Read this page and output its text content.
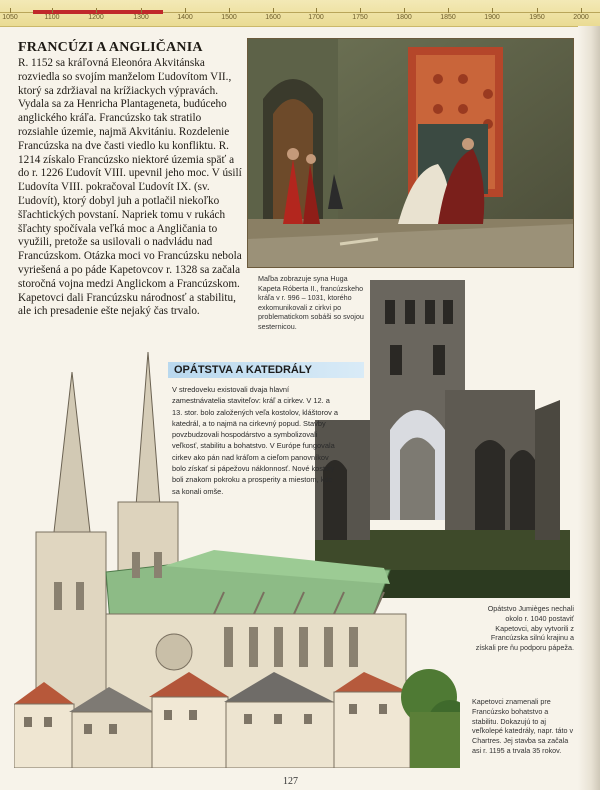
1050	1100	1200	1300	1400	1500	1600	1700	1750	1800	1850	1900	1950	2000
FRANCÚZI A ANGLIČANIA
R. 1152 sa kráľovná Eleonóra Akvitánska rozviedla so svojím manželom Ľudovítom VII., ktorý sa zdržiaval na krížiackych výpravách. Vydala sa za Henricha Plantageneta, budúceho anglického kráľa. Francúzsko tak stratilo rozsiahle územie, najmä Akvitániu. Rozdelenie Francúzska na dve časti viedlo ku konfliktu. R. 1214 získalo Francúzsko niektoré územia späť a do r. 1226 Ľudovít VIII. upevnil jeho moc. V úsilí Ľudovíta VIII. pokračoval Ľudovít IX. (sv. Ľudovít), ktorý dobyl juh a potlačil niekoľko šľachtických povstaní. Napriek tomu v rukách šľachty spočívala veľká moc a Angličania to využili, pretože sa usilovali o nadvládu nad Francúzskom. Otázka moci vo Francúzsku nebola vyriešená a po páde Kapetovcov r. 1328 sa začala storočná vojna medzi Anglickom a Francúzskom. Kapetovci dali Francúzsku národnosť a stabilitu, ale ich presadenie ešte nejaký čas trvalo.
Maľba zobrazuje syna Huga Kapeta Róberta II., francúzskeho kráľa v r. 996 – 1031, ktorého exkomunikovali z cirkvi po problematickom sobáši so svojou sesternicou.
OPÁTSTVA A KATEDRÁLY
V stredoveku existovali dvaja hlavní zamestnávatelia staviteľov: kráľ a cirkev. V 12. a 13. stor. bolo založených veľa kostolov, kláštorov a katedrál, a to najmä na cirkevný popud. Stavby povzbudzovali hospodárstvo a symbolizovali veľkosť, stabilitu a bohatstvo. V Európe fungovala cirkev ako pán nad kráľom a cieľom panovníkov bolo získať si pápežovu náklonnosť. Nové kostoly boli znakom pokroku a prosperity a miestom, kde sa konali omše.
Opátstvo Jumièges nechali okolo r. 1040 postaviť Kapetovci, aby vytvorili z Francúzska silnú krajinu a získali pre ňu podporu pápeža.
Kapetovci znamenali pre Francúzsko bohatstvo a stabilitu. Dokazujú to aj veľkolepé katedrály, napr. táto v Chartres. Jej stavba sa začala asi r. 1195 a trvala 35 rokov.
127
